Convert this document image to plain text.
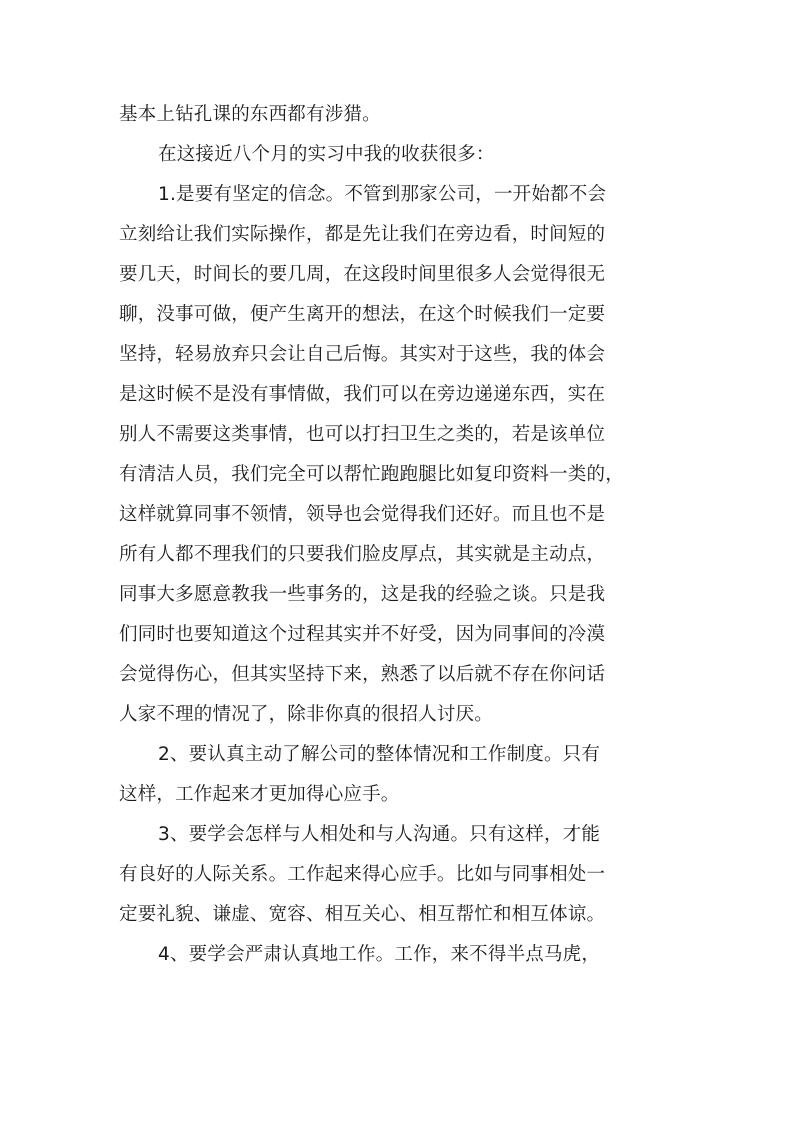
基本上钻孔课的东西都有涉猎。
在这接近八个月的实习中我的收获很多：
1.是要有坚定的信念。不管到那家公司，一开始都不会
立刻给让我们实际操作，都是先让我们在旁边看，时间短的
要几天，时间长的要几周，在这段时间里很多人会觉得很无
聊，没事可做，便产生离开的想法，在这个时候我们一定要
坚持，轻易放弃只会让自己后悔。其实对于这些，我的体会
是这时候不是没有事情做，我们可以在旁边递递东西，实在
别人不需要这类事情，也可以打扫卫生之类的，若是该单位
有清洁人员，我们完全可以帮忙跑跑腿比如复印资料一类的，
这样就算同事不领情，领导也会觉得我们还好。而且也不是
所有人都不理我们的只要我们脸皮厚点，其实就是主动点，
同事大多愿意教我一些事务的，这是我的经验之谈。只是我
们同时也要知道这个过程其实并不好受，因为同事间的冷漠
会觉得伤心，但其实坚持下来，熟悉了以后就不存在你问话
人家不理的情况了，除非你真的很招人讨厌。
2、要认真主动了解公司的整体情况和工作制度。只有
这样，工作起来才更加得心应手。
3、要学会怎样与人相处和与人沟通。只有这样，才能
有良好的人际关系。工作起来得心应手。比如与同事相处一
定要礼貌、谦虚、宽容、相互关心、相互帮忙和相互体谅。
4、要学会严肃认真地工作。工作，来不得半点马虎，
